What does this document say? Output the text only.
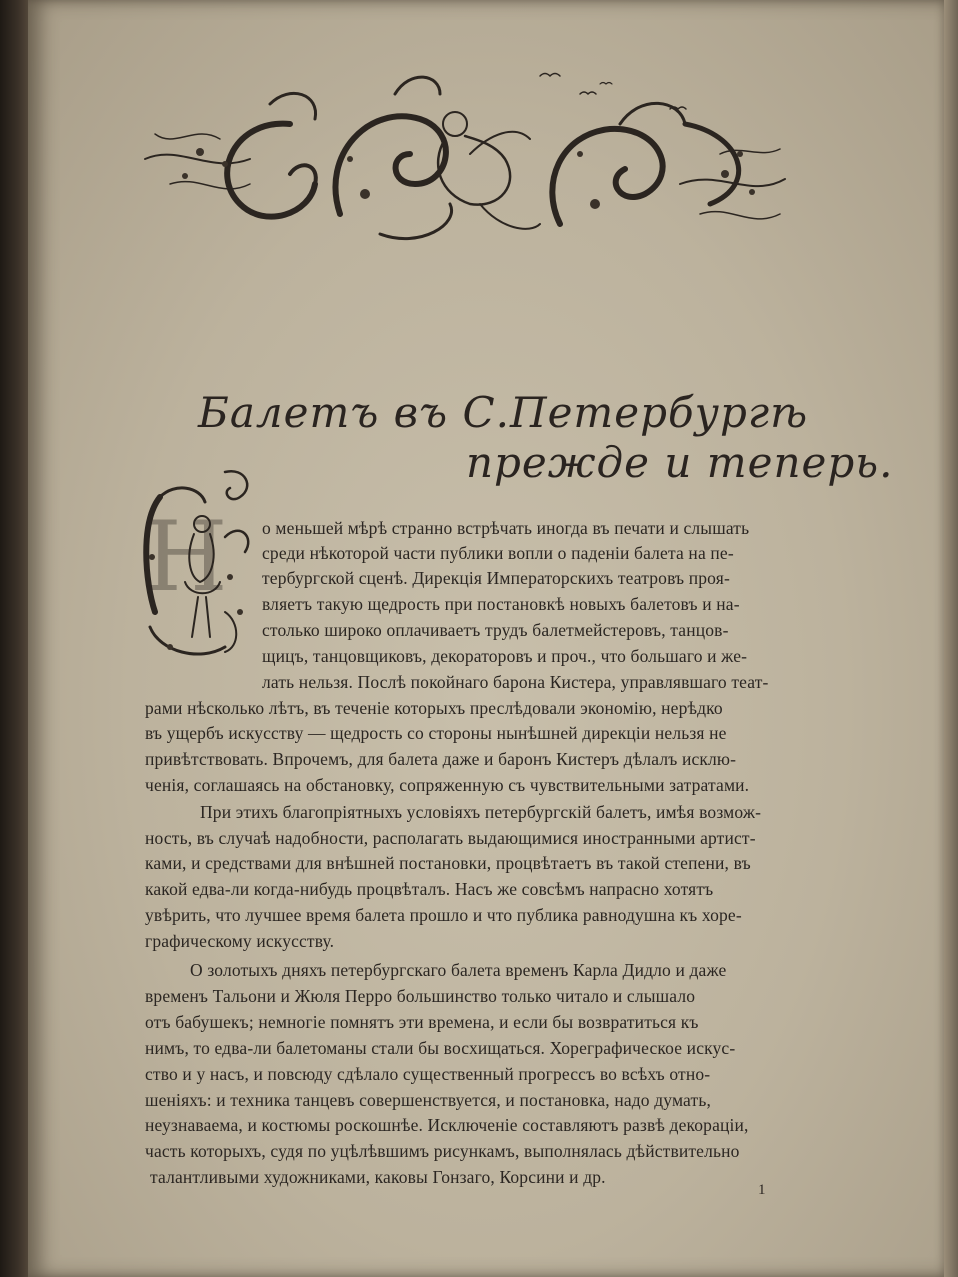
Балетъ въ С.Петербургѣ
прежде и теперь.
Н о меньшей мѣрѣ странно встрѣчать иногда въ печати и слышать
среди нѣкоторой части публики вопли о паденіи балета на пе-
тербургской сценѣ. Дирекція Императорскихъ театровъ проя-
вляетъ такую щедрость при постановкѣ новыхъ балетовъ и на-
столько широко оплачиваетъ трудъ балетмейстеровъ, танцов-
щицъ, танцовщиковъ, декораторовъ и проч., что большаго и же-
лать нельзя. Послѣ покойнаго барона Кистера, управлявшаго теат-
рами нѣсколько лѣтъ, въ теченіе которыхъ преслѣдовали экономію, нерѣдко
въ ущербъ искусству — щедрость со стороны нынѣшней дирекціи нельзя не
привѣтствовать. Впрочемъ, для балета даже и баронъ Кистеръ дѣлалъ исклю-
ченія, соглашаясь на обстановку, сопряженную съ чувствительными затратами.
При этихъ благопріятныхъ условіяхъ петербургскій балетъ, имѣя возмож-
ность, въ случаѣ надобности, располагать выдающимися иностранными артист-
ками, и средствами для внѣшней постановки, процвѣтаетъ въ такой степени, въ
какой едва-ли когда-нибудь процвѣталъ. Насъ же совсѣмъ напрасно хотятъ
увѣрить, что лучшее время балета прошло и что публика равнодушна къ хоре-
графическому искусству.
О золотыхъ дняхъ петербургскаго балета временъ Карла Дидло и даже
временъ Тальони и Жюля Перро большинство только читало и слышало
отъ бабушекъ; немногіе помнятъ эти времена, и если бы возвратиться къ
нимъ, то едва-ли балетоманы стали бы восхищаться. Хореграфическое искус-
ство и у насъ, и повсюду сдѣлало существенный прогрессъ во всѣхъ отно-
шеніяхъ: и техника танцевъ совершенствуется, и постановка, надо думать,
неузнаваема, и костюмы роскошнѣе. Исключеніе составляютъ развѣ декораціи,
часть которыхъ, судя по уцѣлѣвшимъ рисункамъ, выполнялась дѣйствительно
талантливыми художниками, каковы Гонзаго, Корсини и др.
1
